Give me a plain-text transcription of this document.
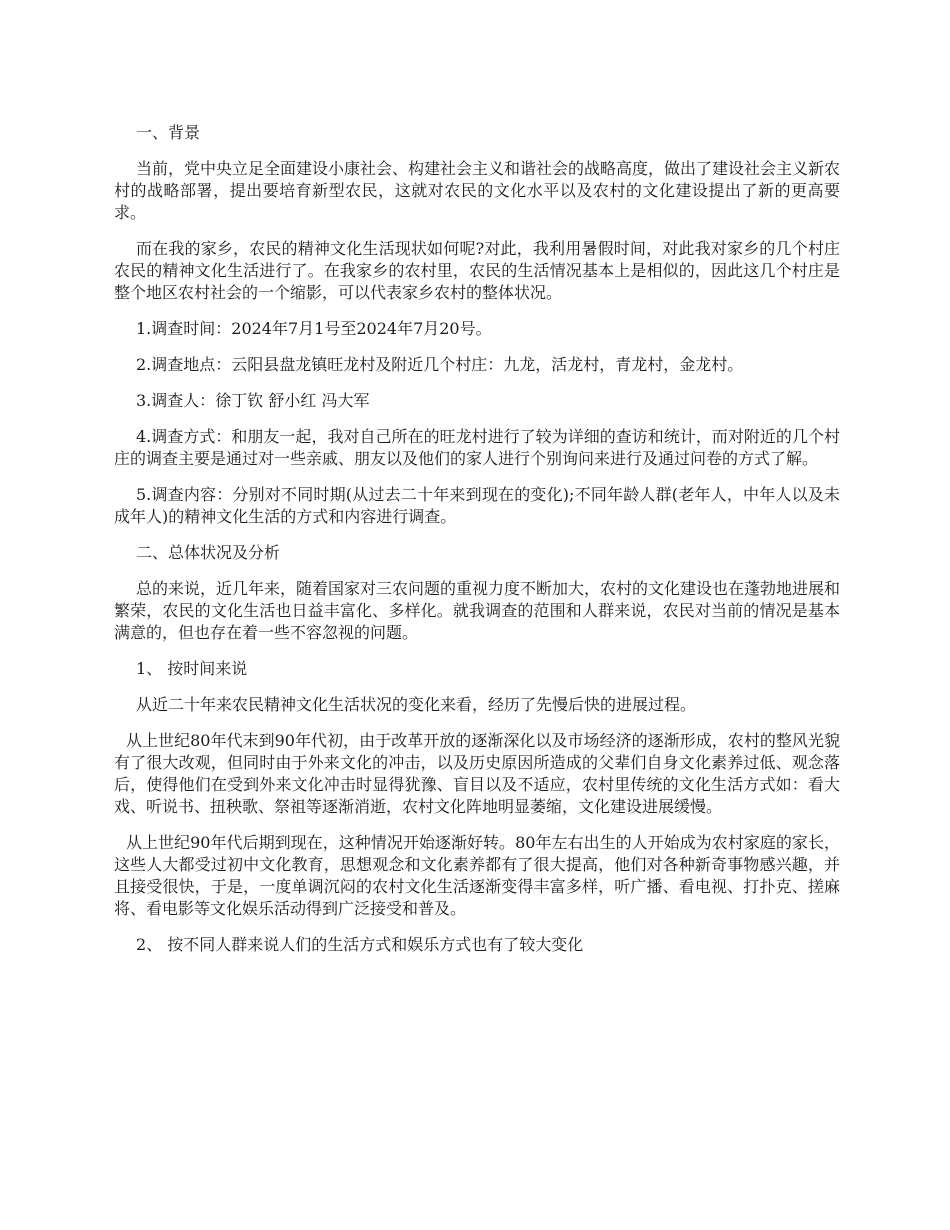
一、背景

当前，党中央立足全面建设小康社会、构建社会主义和谐社会的战略高度，做出了建设社会主义新农村的战略部署，提出要培育新型农民，这就对农民的文化水平以及农村的文化建设提出了新的更高要求。

而在我的家乡，农民的精神文化生活现状如何呢?对此，我利用暑假时间，对此我对家乡的几个村庄农民的精神文化生活进行了。在我家乡的农村里，农民的生活情况基本上是相似的，因此这几个村庄是整个地区农村社会的一个缩影，可以代表家乡农村的整体状况。

1.调查时间：2024年7月1号至2024年7月20号。

2.调查地点：云阳县盘龙镇旺龙村及附近几个村庄：九龙，活龙村，青龙村，金龙村。

3.调查人：徐丁钦 舒小红 冯大军

4.调查方式：和朋友一起，我对自己所在的旺龙村进行了较为详细的查访和统计，而对附近的几个村庄的调查主要是通过对一些亲戚、朋友以及他们的家人进行个别询问来进行及通过问卷的方式了解。

5.调查内容：分别对不同时期(从过去二十年来到现在的变化);不同年龄人群(老年人，中年人以及未成年人)的精神文化生活的方式和内容进行调查。

二、总体状况及分析

总的来说，近几年来，随着国家对三农问题的重视力度不断加大，农村的文化建设也在蓬勃地进展和繁荣，农民的文化生活也日益丰富化、多样化。就我调查的范围和人群来说，农民对当前的情况是基本满意的，但也存在着一些不容忽视的问题。

1、 按时间来说

从近二十年来农民精神文化生活状况的变化来看，经历了先慢后快的进展过程。

从上世纪80年代末到90年代初，由于改革开放的逐渐深化以及市场经济的逐渐形成，农村的整风光貌有了很大改观，但同时由于外来文化的冲击，以及历史原因所造成的父辈们自身文化素养过低、观念落后，使得他们在受到外来文化冲击时显得犹豫、盲目以及不适应，农村里传统的文化生活方式如：看大戏、听说书、扭秧歌、祭祖等逐渐消逝，农村文化阵地明显萎缩，文化建设进展缓慢。

从上世纪90年代后期到现在，这种情况开始逐渐好转。80年左右出生的人开始成为农村家庭的家长，这些人大都受过初中文化教育，思想观念和文化素养都有了很大提高，他们对各种新奇事物感兴趣，并且接受很快，于是，一度单调沉闷的农村文化生活逐渐变得丰富多样，听广播、看电视、打扑克、搓麻将、看电影等文化娱乐活动得到广泛接受和普及。

2、 按不同人群来说人们的生活方式和娱乐方式也有了较大变化
